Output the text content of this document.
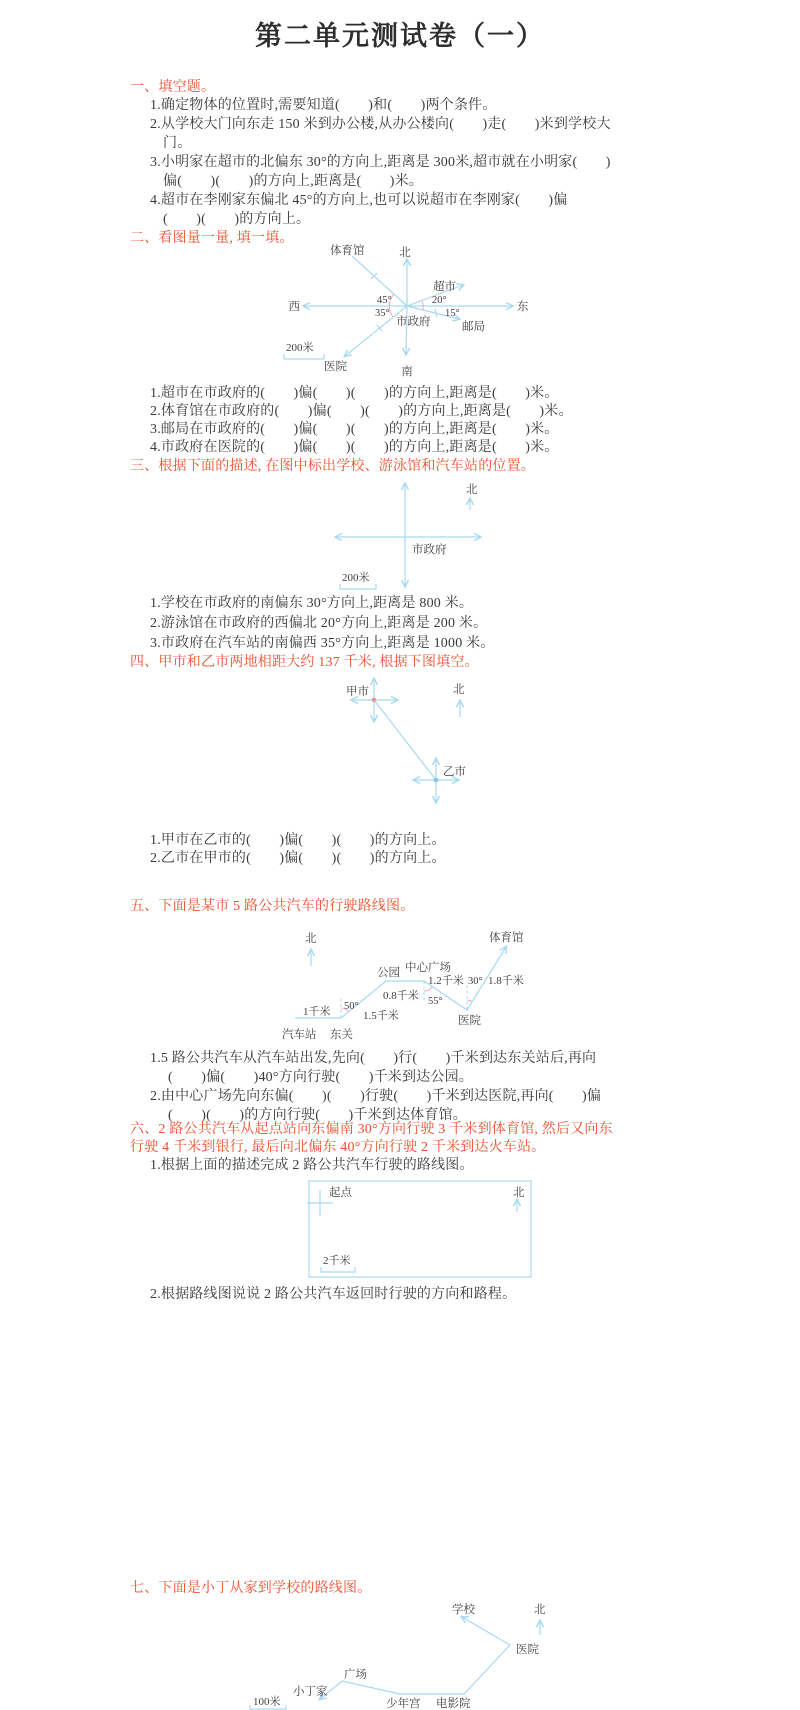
第二单元测试卷（一）
一、填空题。
1.确定物体的位置时,需要知道(　　)和(　　)两个条件。
2.从学校大门向东走 150 米到办公楼,从办公楼向(　　)走(　　)米到学校大
门。
3.小明家在超市的北偏东 30°的方向上,距离是 300米,超市就在小明家(　　)
偏(　　)(　　)的方向上,距离是(　　)米。
4.超市在李刚家东偏北 45°的方向上,也可以说超市在李刚家(　　)偏
(　　)(　　)的方向上。
二、看图量一量, 填一填。
1.超市在市政府的(　　)偏(　　)(　　)的方向上,距离是(　　)米。
2.体育馆在市政府的(　　)偏(　　)(　　)的方向上,距离是(　　)米。
3.邮局在市政府的(　　)偏(　　)(　　)的方向上,距离是(　　)米。
4.市政府在医院的(　　)偏(　　)(　　)的方向上,距离是(　　)米。
三、根据下面的描述, 在图中标出学校、游泳馆和汽车站的位置。
1.学校在市政府的南偏东 30°方向上,距离是 800 米。
2.游泳馆在市政府的西偏北 20°方向上,距离是 200 米。
3.市政府在汽车站的南偏西 35°方向上,距离是 1000 米。
四、甲市和乙市两地相距大约 137 千米, 根据下图填空。
1.甲市在乙市的(　　)偏(　　)(　　)的方向上。
2.乙市在甲市的(　　)偏(　　)(　　)的方向上。
五、下面是某市 5 路公共汽车的行驶路线图。
1.5 路公共汽车从汽车站出发,先向(　　)行(　　)千米到达东关站后,再向
(　　)偏(　　)40°方向行驶(　　)千米到达公园。
2.由中心广场先向东偏(　　)(　　)行驶(　　)千米到达医院,再向(　　)偏
(　　)(　　)的方向行驶(　　)千米到达体育馆。
六、2 路公共汽车从起点站向东偏南 30°方向行驶 3 千米到体育馆, 然后又向东
行驶 4 千米到银行, 最后向北偏东 40°方向行驶 2 千米到达火车站。
1.根据上面的描述完成 2 路公共汽车行驶的路线图。
2.根据路线图说说 2 路公共汽车返回时行驶的方向和路程。
七、下面是小丁从家到学校的路线图。
北
南
西	东
体育馆
超市
邮局
医院
市政府
45°
35°
20°
15°
200米
北
市政府
200米
甲市
乙市
北
北	体育馆
公园 中心广场
医院
汽车站 东关
1千米	1.5千米
0.8千米
1.2千米 1.8千米
50°	55°
30°
起点	北
2千米
学校	北
医院
广场
小丁家
少年宫 电影院
100米
